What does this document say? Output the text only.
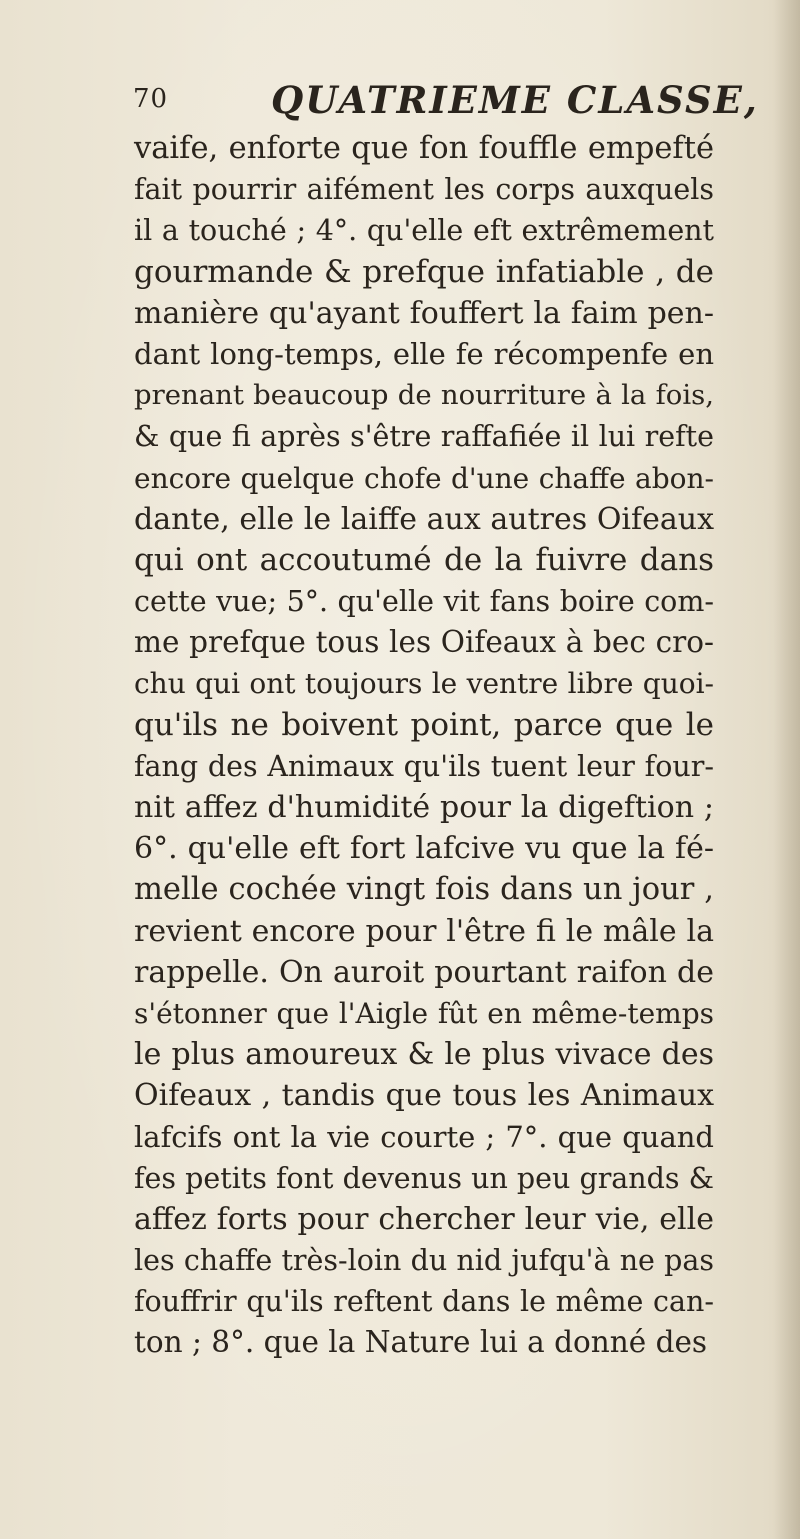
70	QUATRIEME CLASSE,
vaife, enforte que fon fouffle empefté
fait pourrir aifément les corps auxquels
il a touché ; 4°. qu'elle eft extrêmement
gourmande & prefque infatiable , de
manière qu'ayant fouffert la faim pen-
dant long-temps, elle fe récompenfe en
prenant beaucoup de nourriture à la fois,
& que fi après s'être raffafiée il lui refte
encore quelque chofe d'une chaffe abon-
dante, elle le laiffe aux autres Oifeaux
qui ont accoutumé de la fuivre dans
cette vue; 5°. qu'elle vit fans boire com-
me prefque tous les Oifeaux à bec cro-
chu qui ont toujours le ventre libre quoi-
qu'ils ne boivent point, parce que le
fang des Animaux qu'ils tuent leur four-
nit affez d'humidité pour la digeftion ;
6°. qu'elle eft fort lafcive vu que la fé-
melle cochée vingt fois dans un jour ,
revient encore pour l'être fi le mâle la
rappelle. On auroit pourtant raifon de
s'étonner que l'Aigle fût en même-temps
le plus amoureux & le plus vivace des
Oifeaux , tandis que tous les Animaux
lafcifs ont la vie courte ; 7°. que quand
fes petits font devenus un peu grands &
affez forts pour chercher leur vie, elle
les chaffe très-loin du nid jufqu'à ne pas
fouffrir qu'ils reftent dans le même can-
ton ; 8°. que la Nature lui a donné des
